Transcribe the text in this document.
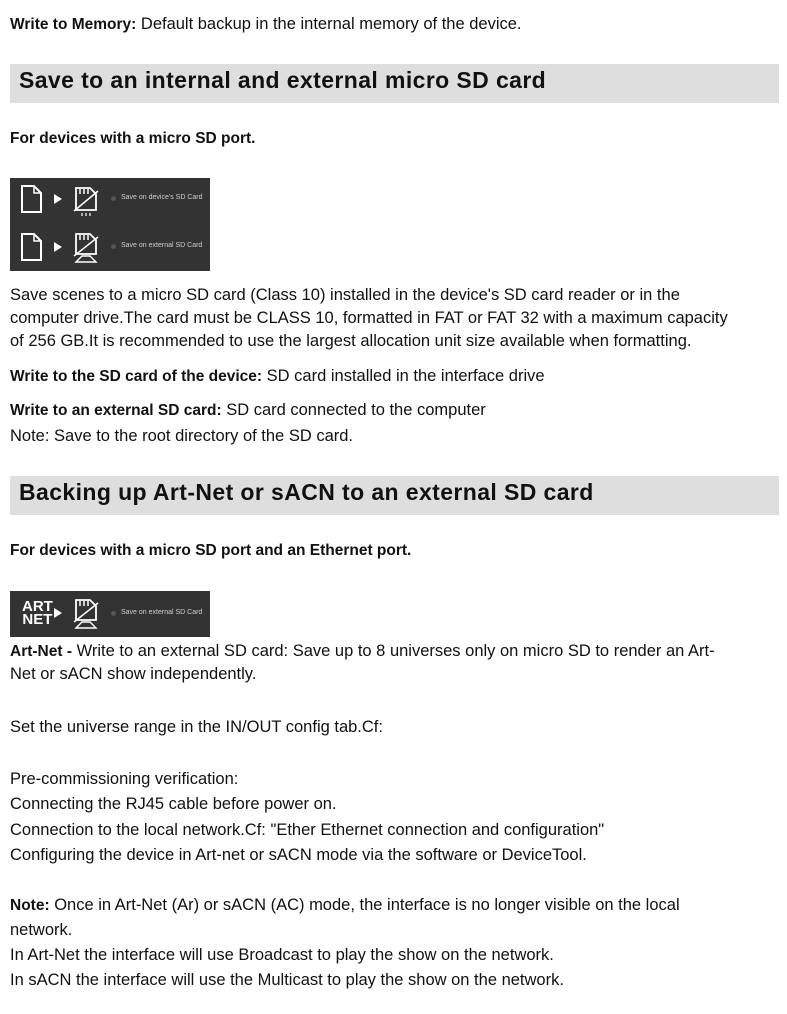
Write to Memory: Default backup in the internal memory of the device.
Save to an internal and external micro SD card
For devices with a micro SD port.
Save on device's SD Card
Save on external SD Card
Save scenes to a micro SD card (Class 10) installed in the device's SD card reader or in the
computer drive.The card must be CLASS 10, formatted in FAT or FAT 32 with a maximum capacity
of 256 GB.It is recommended to use the largest allocation unit size available when formatting.
Write to the SD card of the device: SD card installed in the interface drive
Write to an external SD card: SD card connected to the computer
Note: Save to the root directory of the SD card.
Backing up Art-Net or sACN to an external SD card
For devices with a micro SD port and an Ethernet port.
ART
NET	Save on external SD Card
Art-Net - Write to an external SD card: Save up to 8 universes only on micro SD to render an Art-
Net or sACN show independently.
Set the universe range in the IN/OUT config tab.Cf:
Pre-commissioning verification:
Connecting the RJ45 cable before power on.
Connection to the local network.Cf: "Ether Ethernet connection and configuration"
Configuring the device in Art-net or sACN mode via the software or DeviceTool.
Note: Once in Art-Net (Ar) or sACN (AC) mode, the interface is no longer visible on the local
network.
In Art-Net the interface will use Broadcast to play the show on the network.
In sACN the interface will use the Multicast to play the show on the network.
